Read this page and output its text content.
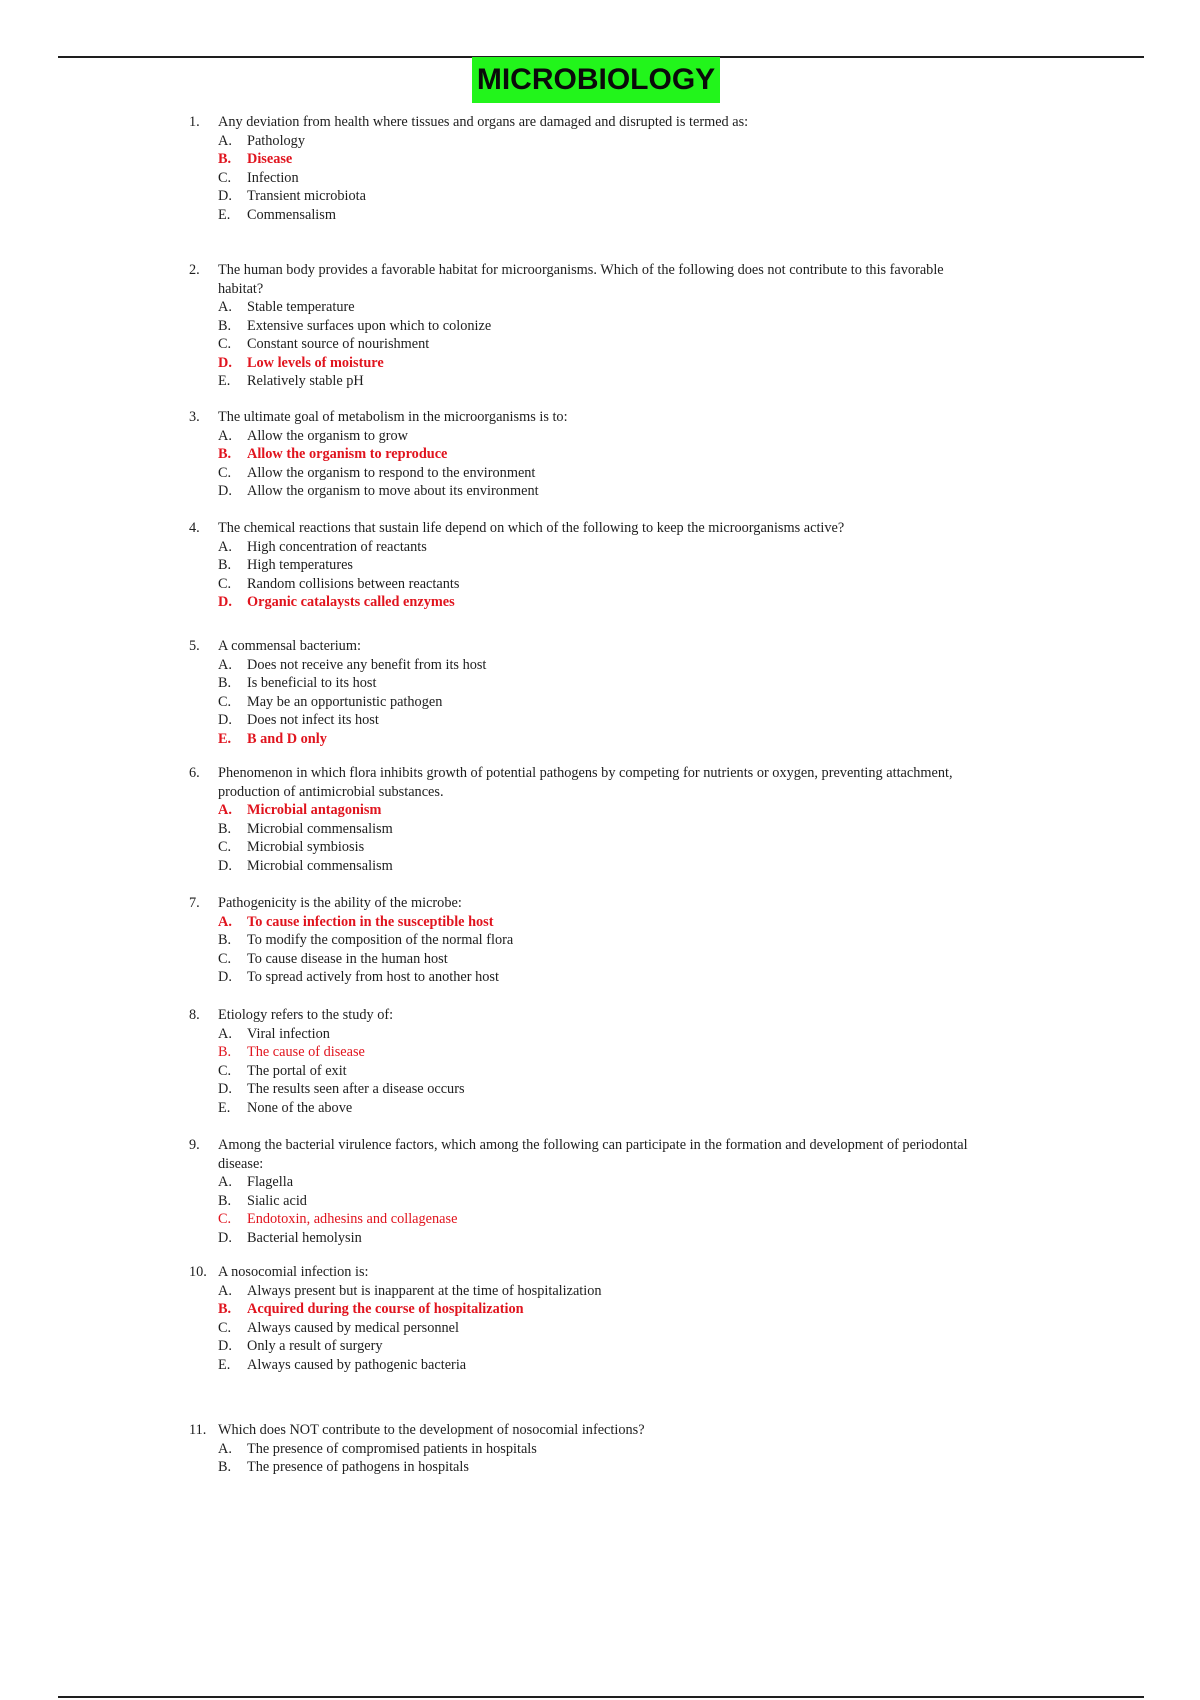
MICROBIOLOGY
1.	Any deviation from health where tissues and organs are damaged and disrupted is termed as:
A.	Pathology
B.	Disease
C.	Infection
D.	Transient microbiota
E.	Commensalism
2.	The human body provides a favorable habitat for microorganisms. Which of the following does not contribute to this favorable habitat?
A.	Stable temperature
B.	Extensive surfaces upon which to colonize
C.	Constant source of nourishment
D.	Low levels of moisture
E.	Relatively stable pH
3.	The ultimate goal of metabolism in the microorganisms is to:
A.	Allow the organism to grow
B.	Allow the organism to reproduce
C.	Allow the organism to respond to the environment
D.	Allow the organism to move about its environment
4.	The chemical reactions that sustain life depend on which of the following to keep the microorganisms active?
A.	High concentration of reactants
B.	High temperatures
C.	Random collisions between reactants
D.	Organic catalaysts called enzymes
5.	A commensal bacterium:
A.	Does not receive any benefit from its host
B.	Is beneficial to its host
C.	May be an opportunistic pathogen
D.	Does not infect its host
E.	B and D only
6.	Phenomenon in which flora inhibits growth of potential pathogens by competing for nutrients or oxygen, preventing attachment, production of antimicrobial substances.
A.	Microbial antagonism
B.	Microbial commensalism
C.	Microbial symbiosis
D.	Microbial commensalism
7.	Pathogenicity is the ability of the microbe:
A.	To cause infection in the susceptible host
B.	To modify the composition of the normal flora
C.	To cause disease in the human host
D.	To spread actively from host to another host
8.	Etiology refers to the study of:
A.	Viral infection
B.	The cause of disease
C.	The portal of exit
D.	The results seen after a disease occurs
E.	None of the above
9.	Among the bacterial virulence factors, which among the following can participate in the formation and development of periodontal disease:
A.	Flagella
B.	Sialic acid
C.	Endotoxin, adhesins and collagenase
D.	Bacterial hemolysin
10. A nosocomial infection is:
A.	Always present but is inapparent at the time of hospitalization
B.	Acquired during the course of hospitalization
C.	Always caused by medical personnel
D.	Only a result of surgery
E.	Always caused by pathogenic bacteria
11. Which does NOT contribute to the development of nosocomial infections?
A.	The presence of compromised patients in hospitals
B.	The presence of pathogens in hospitals
